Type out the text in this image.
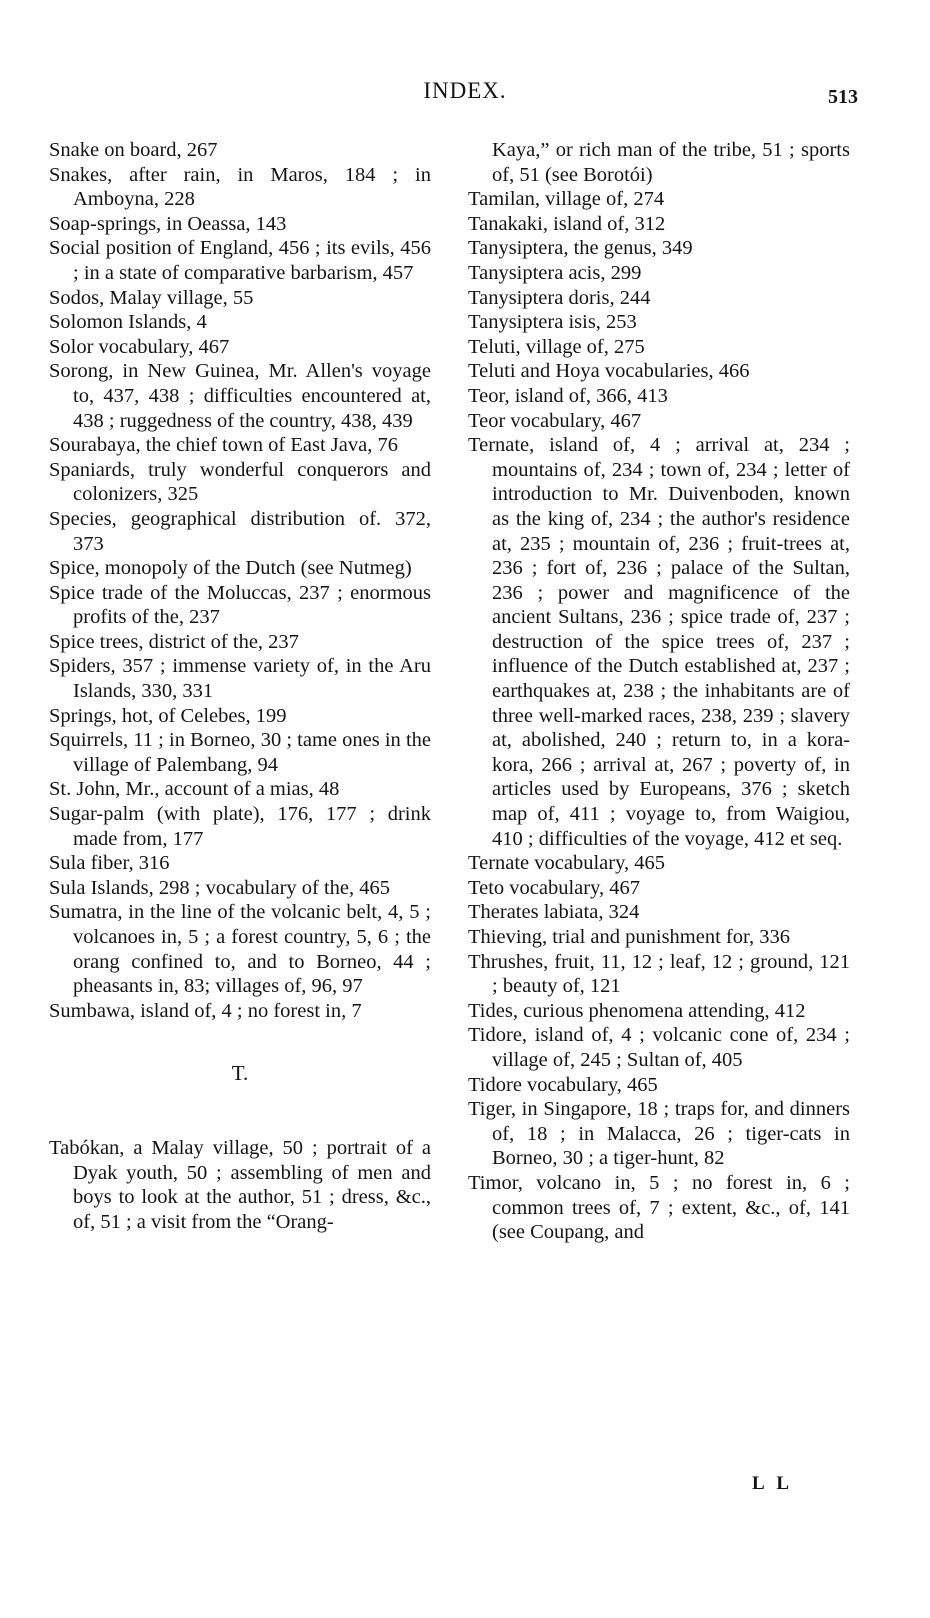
INDEX.	513

Snake on board, 267

Snakes, after rain, in Maros, 184 ; in Amboyna, 228

Soap-springs, in Oeassa, 143

Social position of England, 456 ; its evils, 456 ; in a state of comparative barbarism, 457

Sodos, Malay village, 55

Solomon Islands, 4

Solor vocabulary, 467

Sorong, in New Guinea, Mr. Allen's voyage to, 437, 438 ; difficulties encountered at, 438 ; ruggedness of the country, 438, 439

Sourabaya, the chief town of East Java, 76

Spaniards, truly wonderful conquerors and colonizers, 325

Species, geographical distribution of. 372, 373

Spice, monopoly of the Dutch (see Nutmeg)

Spice trade of the Moluccas, 237 ; enormous profits of the, 237

Spice trees, district of the, 237

Spiders, 357 ; immense variety of, in the Aru Islands, 330, 331

Springs, hot, of Celebes, 199

Squirrels, 11 ; in Borneo, 30 ; tame ones in the village of Palembang, 94

St. John, Mr., account of a mias, 48

Sugar-palm (with plate), 176, 177 ; drink made from, 177

Sula fiber, 316

Sula Islands, 298 ; vocabulary of the, 465

Sumatra, in the line of the volcanic belt, 4, 5 ; volcanoes in, 5 ; a forest country, 5, 6 ; the orang confined to, and to Borneo, 44 ; pheasants in, 83; villages of, 96, 97

Sumbawa, island of, 4 ; no forest in, 7

T.

Tabókan, a Malay village, 50 ; portrait of a Dyak youth, 50 ; assembling of men and boys to look at the author, 51 ; dress, &c., of, 51 ; a visit from the “Orang-

Kaya,” or rich man of the tribe, 51 ; sports of, 51 (see Borotói)

Tamilan, village of, 274

Tanakaki, island of, 312

Tanysiptera, the genus, 349

Tanysiptera acis, 299

Tanysiptera doris, 244

Tanysiptera isis, 253

Teluti, village of, 275

Teluti and Hoya vocabularies, 466

Teor, island of, 366, 413

Teor vocabulary, 467

Ternate, island of, 4 ; arrival at, 234 ; mountains of, 234 ; town of, 234 ; letter of introduction to Mr. Duivenboden, known as the king of, 234 ; the author's residence at, 235 ; mountain of, 236 ; fruit-trees at, 236 ; fort of, 236 ; palace of the Sultan, 236 ; power and magnificence of the ancient Sultans, 236 ; spice trade of, 237 ; destruction of the spice trees of, 237 ; influence of the Dutch established at, 237 ; earthquakes at, 238 ; the inhabitants are of three well-marked races, 238, 239 ; slavery at, abolished, 240 ; return to, in a kora-kora, 266 ; arrival at, 267 ; poverty of, in articles used by Europeans, 376 ; sketch map of, 411 ; voyage to, from Waigiou, 410 ; difficulties of the voyage, 412 et seq.

Ternate vocabulary, 465

Teto vocabulary, 467

Therates labiata, 324

Thieving, trial and punishment for, 336

Thrushes, fruit, 11, 12 ; leaf, 12 ; ground, 121 ; beauty of, 121

Tides, curious phenomena attending, 412

Tidore, island of, 4 ; volcanic cone of, 234 ; village of, 245 ; Sultan of, 405

Tidore vocabulary, 465

Tiger, in Singapore, 18 ; traps for, and dinners of, 18 ; in Malacca, 26 ; tiger-cats in Borneo, 30 ; a tiger-hunt, 82

Timor, volcano in, 5 ; no forest in, 6 ; common trees of, 7 ; extent, &c., of, 141 (see Coupang, and

L L
